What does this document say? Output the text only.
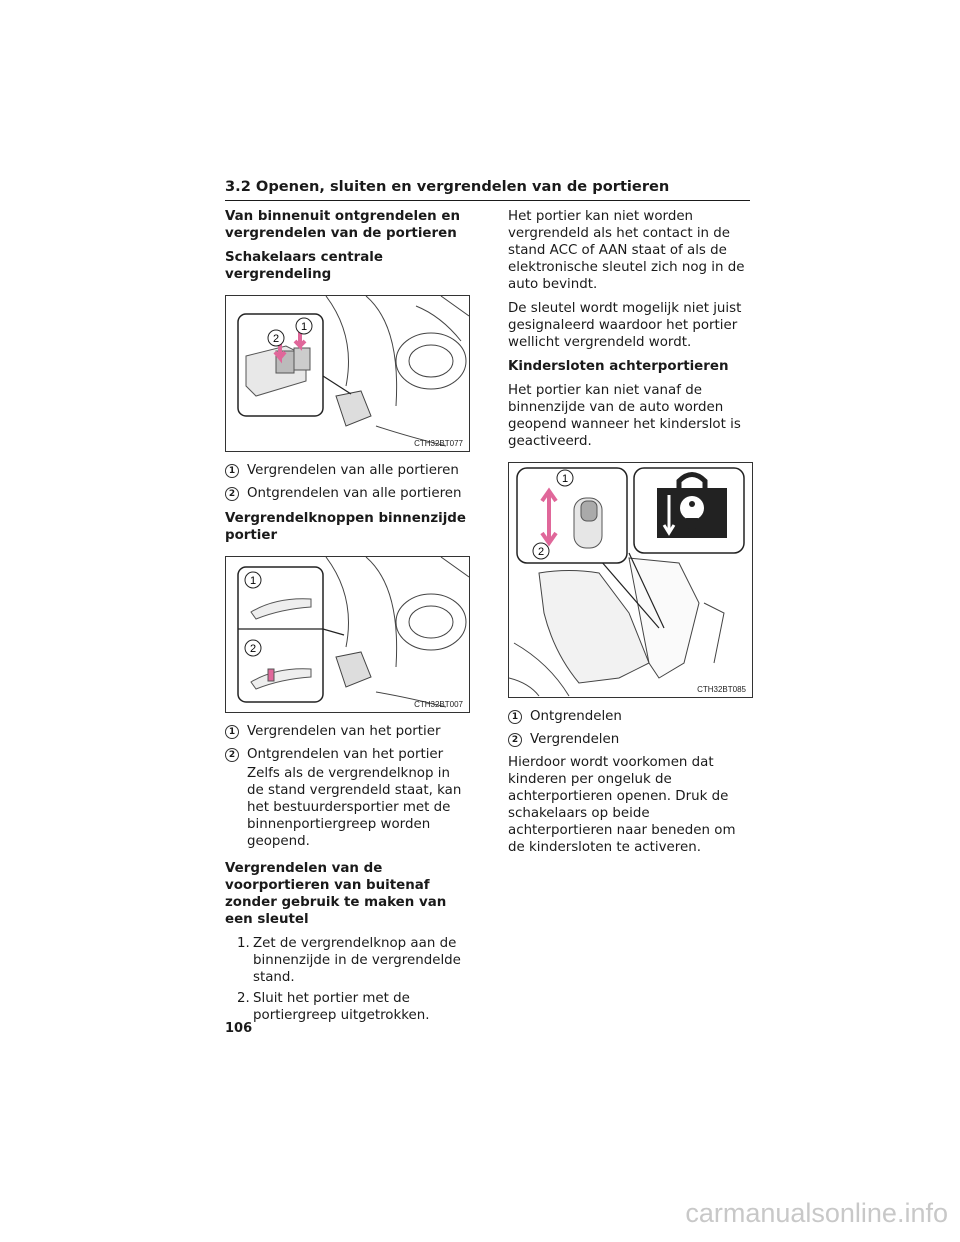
3.2 Openen, sluiten en vergrendelen van de portieren
Van binnenuit ontgrendelen en vergrendelen van de portieren
Schakelaars centrale vergrendeling
1
2
CTH32BT077
1 Vergrendelen van alle portieren
2 Ontgrendelen van alle portieren
Vergrendelknoppen binnenzijde portier
1
2
CTH32BT007
1 Vergrendelen van het portier
2 Ontgrendelen van het portier
Zelfs als de vergrendelknop in de stand vergrendeld staat, kan het bestuurdersportier met de binnenportiergreep worden geopend.
Vergrendelen van de voorportieren van buitenaf zonder gebruik te maken van een sleutel
1. Zet de vergrendelknop aan de binnenzijde in de vergrendelde stand.
2. Sluit het portier met de portiergreep uitgetrokken.

Het portier kan niet worden vergrendeld als het contact in de stand ACC of AAN staat of als de elektronische sleutel zich nog in de auto bevindt.

De sleutel wordt mogelijk niet juist gesignaleerd waardoor het portier wellicht vergrendeld wordt.

Kindersloten achterportieren

Het portier kan niet vanaf de binnenzijde van de auto worden geopend wanneer het kinderslot is geactiveerd.

1
2
CTH32BT085
1 Ontgrendelen
2 Vergrendelen

Hierdoor wordt voorkomen dat kinderen per ongeluk de achterportieren openen. Druk de schakelaars op beide achterportieren naar beneden om de kindersloten te activeren.

106
carmanualsonline.info
